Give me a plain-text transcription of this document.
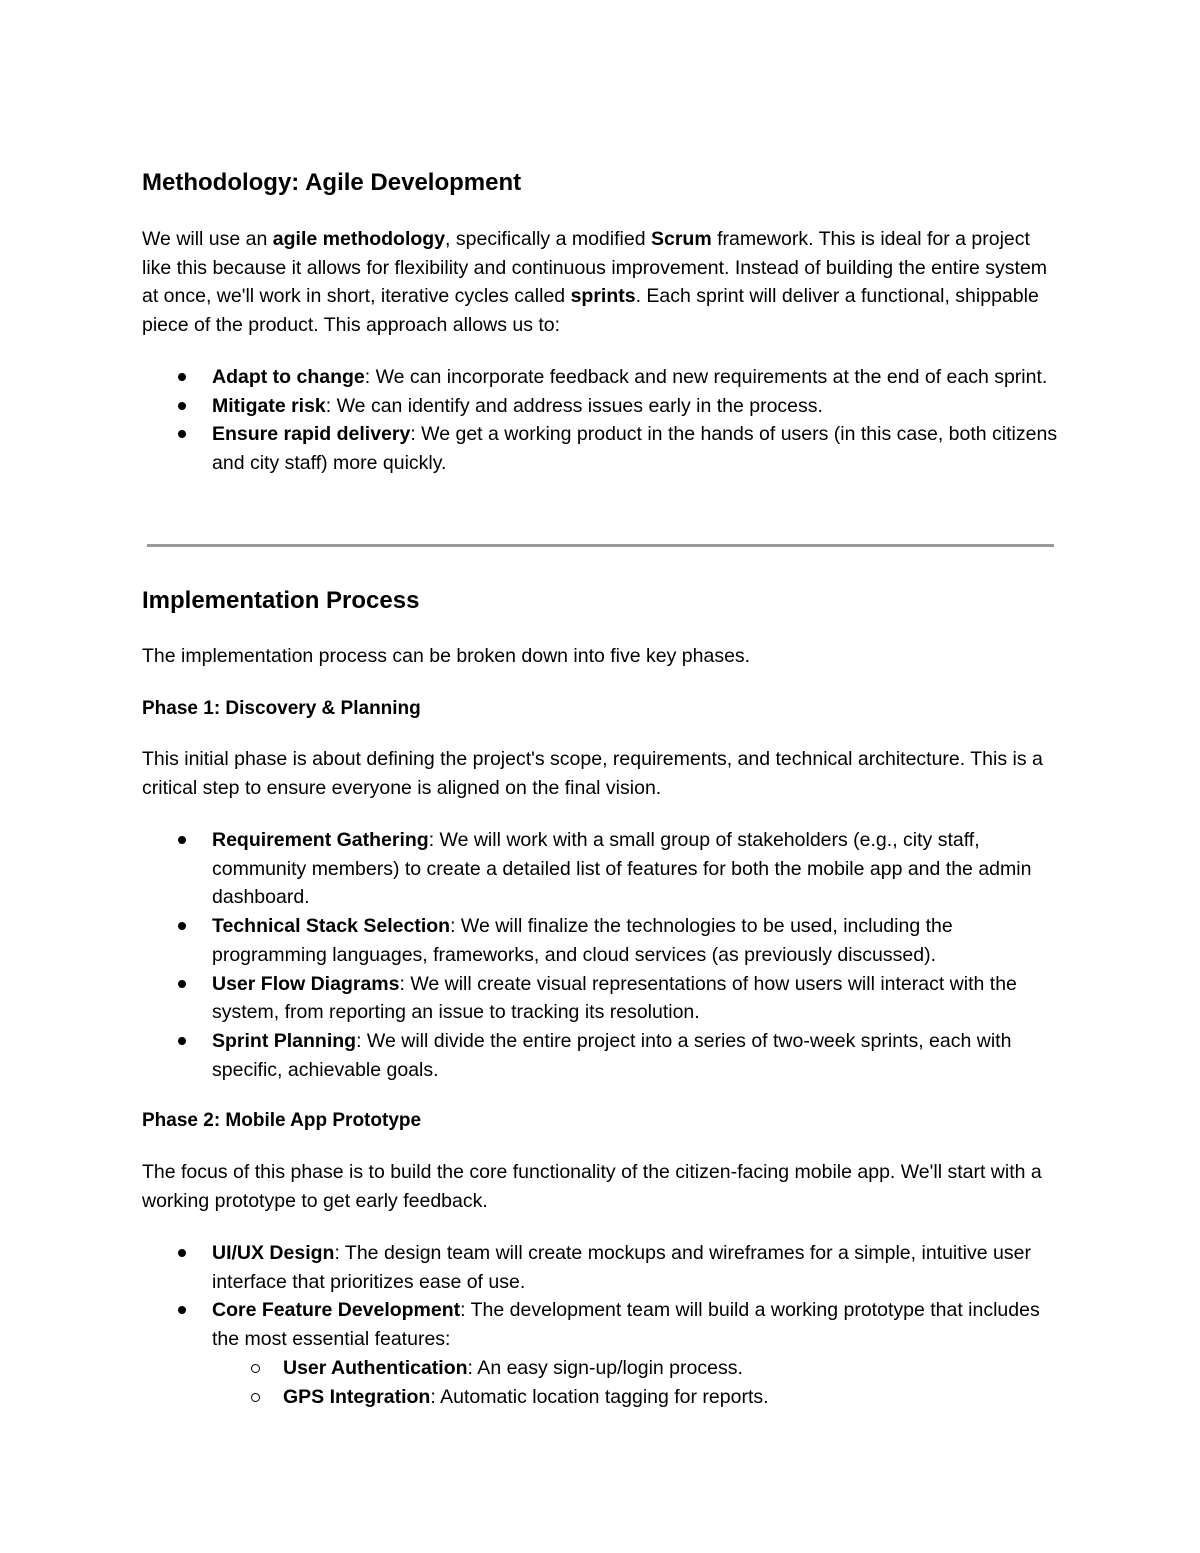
Methodology: Agile Development

We will use an agile methodology, specifically a modified Scrum framework. This is ideal for a project like this because it allows for flexibility and continuous improvement. Instead of building the entire system at once, we'll work in short, iterative cycles called sprints. Each sprint will deliver a functional, shippable piece of the product. This approach allows us to:

Adapt to change: We can incorporate feedback and new requirements at the end of each sprint.
Mitigate risk: We can identify and address issues early in the process.
Ensure rapid delivery: We get a working product in the hands of users (in this case, both citizens and city staff) more quickly.
Implementation Process

The implementation process can be broken down into five key phases.

Phase 1: Discovery & Planning

This initial phase is about defining the project's scope, requirements, and technical architecture. This is a critical step to ensure everyone is aligned on the final vision.

Requirement Gathering: We will work with a small group of stakeholders (e.g., city staff, community members) to create a detailed list of features for both the mobile app and the admin dashboard.
Technical Stack Selection: We will finalize the technologies to be used, including the programming languages, frameworks, and cloud services (as previously discussed).
User Flow Diagrams: We will create visual representations of how users will interact with the system, from reporting an issue to tracking its resolution.
Sprint Planning: We will divide the entire project into a series of two-week sprints, each with specific, achievable goals.
Phase 2: Mobile App Prototype

The focus of this phase is to build the core functionality of the citizen-facing mobile app. We'll start with a working prototype to get early feedback.

UI/UX Design: The design team will create mockups and wireframes for a simple, intuitive user interface that prioritizes ease of use.
Core Feature Development: The development team will build a working prototype that includes the most essential features:
User Authentication: An easy sign-up/login process.
GPS Integration: Automatic location tagging for reports.
